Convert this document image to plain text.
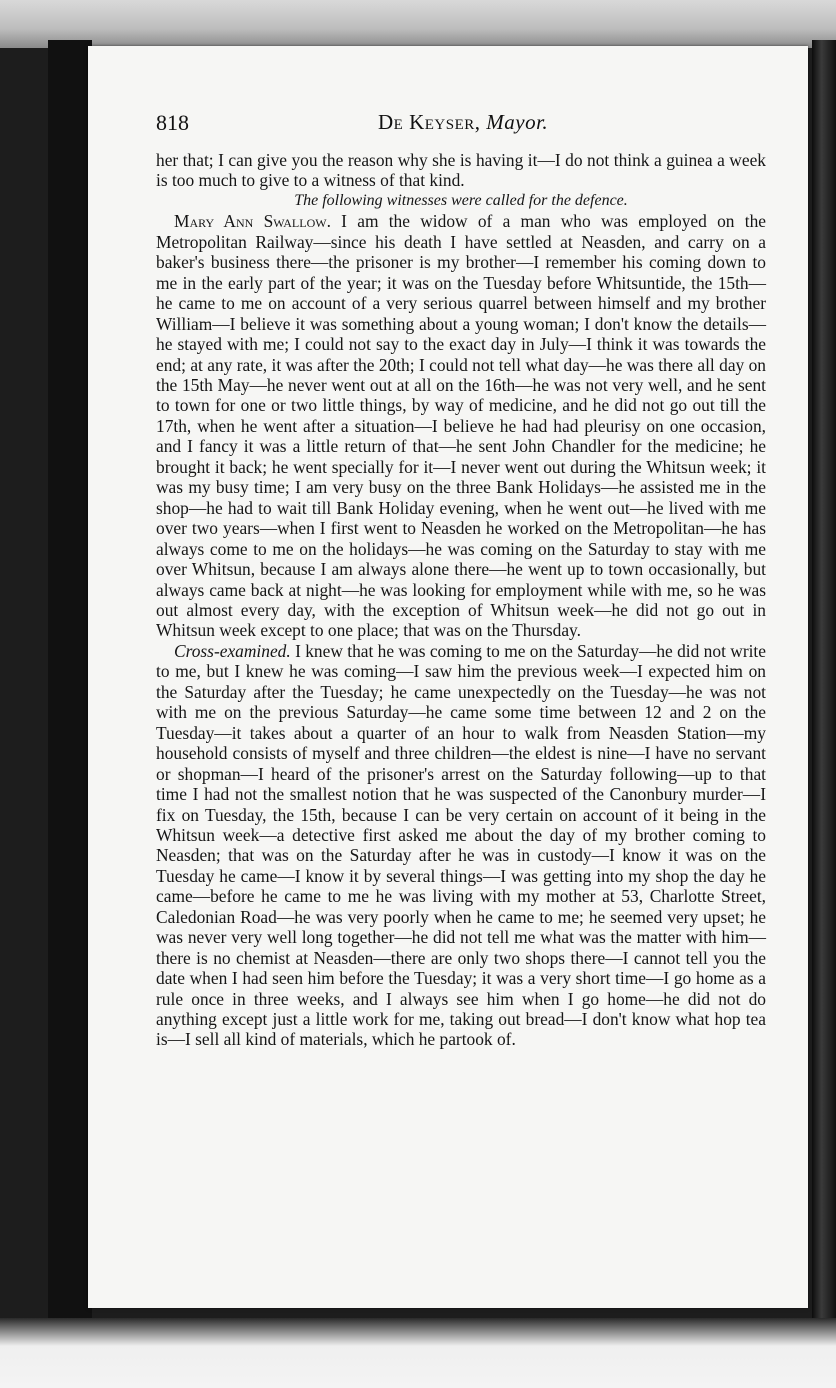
818	De Keyser, Mayor.

her that; I can give you the reason why she is having it—I do not think a guinea a week is too much to give to a witness of that kind.

The following witnesses were called for the defence.

Mary Ann Swallow. I am the widow of a man who was employed on the Metropolitan Railway—since his death I have settled at Neasden, and carry on a baker's business there—the prisoner is my brother—I remember his coming down to me in the early part of the year; it was on the Tuesday before Whitsuntide, the 15th—he came to me on account of a very serious quarrel between himself and my brother William—I believe it was something about a young woman; I don't know the details—he stayed with me; I could not say to the exact day in July—I think it was towards the end; at any rate, it was after the 20th; I could not tell what day—he was there all day on the 15th May—he never went out at all on the 16th—he was not very well, and he sent to town for one or two little things, by way of medicine, and he did not go out till the 17th, when he went after a situation—I believe he had had pleurisy on one occasion, and I fancy it was a little return of that—he sent John Chandler for the medicine; he brought it back; he went specially for it—I never went out during the Whitsun week; it was my busy time; I am very busy on the three Bank Holidays—he assisted me in the shop—he had to wait till Bank Holiday evening, when he went out—he lived with me over two years—when I first went to Neasden he worked on the Metropolitan—he has always come to me on the holidays—he was coming on the Saturday to stay with me over Whitsun, because I am always alone there—he went up to town occasionally, but always came back at night—he was looking for employment while with me, so he was out almost every day, with the exception of Whitsun week—he did not go out in Whitsun week except to one place; that was on the Thursday.

Cross-examined. I knew that he was coming to me on the Saturday—he did not write to me, but I knew he was coming—I saw him the previous week—I expected him on the Saturday after the Tuesday; he came unexpectedly on the Tuesday—he was not with me on the previous Saturday—he came some time between 12 and 2 on the Tuesday—it takes about a quarter of an hour to walk from Neasden Station—my household consists of myself and three children—the eldest is nine—I have no servant or shopman—I heard of the prisoner's arrest on the Saturday following—up to that time I had not the smallest notion that he was suspected of the Canonbury murder—I fix on Tuesday, the 15th, because I can be very certain on account of it being in the Whitsun week—a detective first asked me about the day of my brother coming to Neasden; that was on the Saturday after he was in custody—I know it was on the Tuesday he came—I know it by several things—I was getting into my shop the day he came—before he came to me he was living with my mother at 53, Charlotte Street, Caledonian Road—he was very poorly when he came to me; he seemed very upset; he was never very well long together—he did not tell me what was the matter with him—there is no chemist at Neasden—there are only two shops there—I cannot tell you the date when I had seen him before the Tuesday; it was a very short time—I go home as a rule once in three weeks, and I always see him when I go home—he did not do anything except just a little work for me, taking out bread—I don't know what hop tea is—I sell all kind of materials, which he partook of.
